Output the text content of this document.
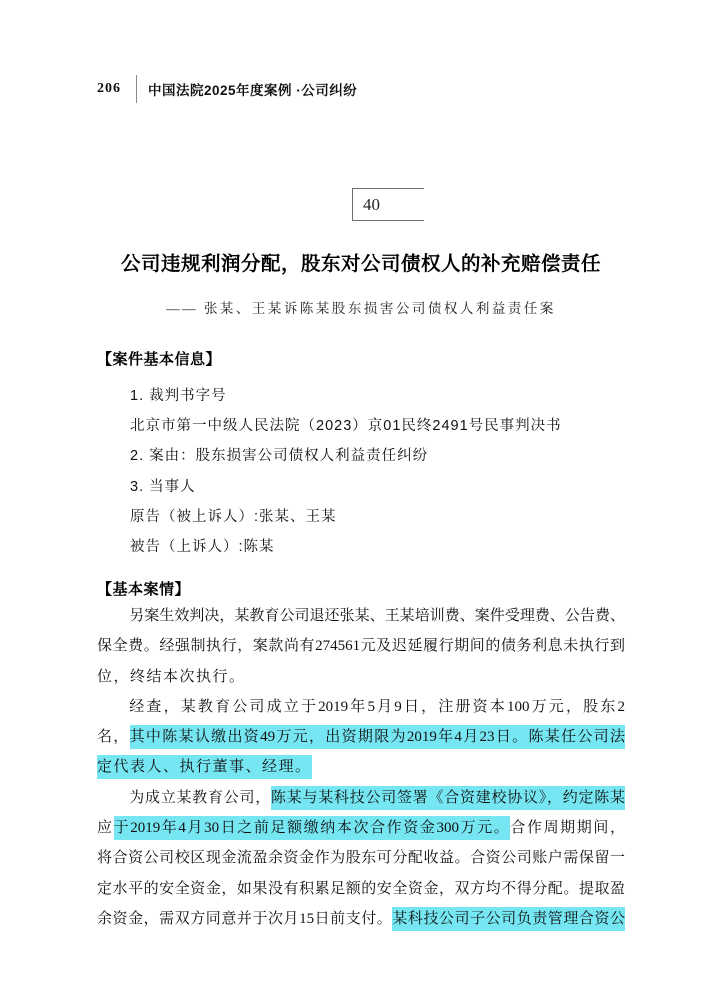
206 中国法院2025年度案例 ·公司纠纷
40
公司违规利润分配，股东对公司债权人的补充赔偿责任
—— 张某、王某诉陈某股东损害公司债权人利益责任案
【案件基本信息】
1. 裁判书字号
北京市第一中级人民法院（2023）京01民终2491号民事判决书
2. 案由：股东损害公司债权人利益责任纠纷
3. 当事人
原告（被上诉人）:张某、王某
被告（上诉人）:陈某
【基本案情】
另案生效判决，某教育公司退还张某、王某培训费、案件受理费、公告费、
保全费。经强制执行，案款尚有274561元及迟延履行期间的债务利息未执行到
位，终结本次执行。
经查，某教育公司成立于2019年5月9日，注册资本100万元，股东2
名，其中陈某认缴出资49万元，出资期限为2019年4月23日。陈某任公司法
定代表人、执行董事、经理。
为成立某教育公司，陈某与某科技公司签署《合资建校协议》，约定陈某
应于2019年4月30日之前足额缴纳本次合作资金300万元。合作周期期间，
将合资公司校区现金流盈余资金作为股东可分配收益。合资公司账户需保留一
定水平的安全资金，如果没有积累足额的安全资金，双方均不得分配。提取盈
余资金，需双方同意并于次月15日前支付。某科技公司子公司负责管理合资公
